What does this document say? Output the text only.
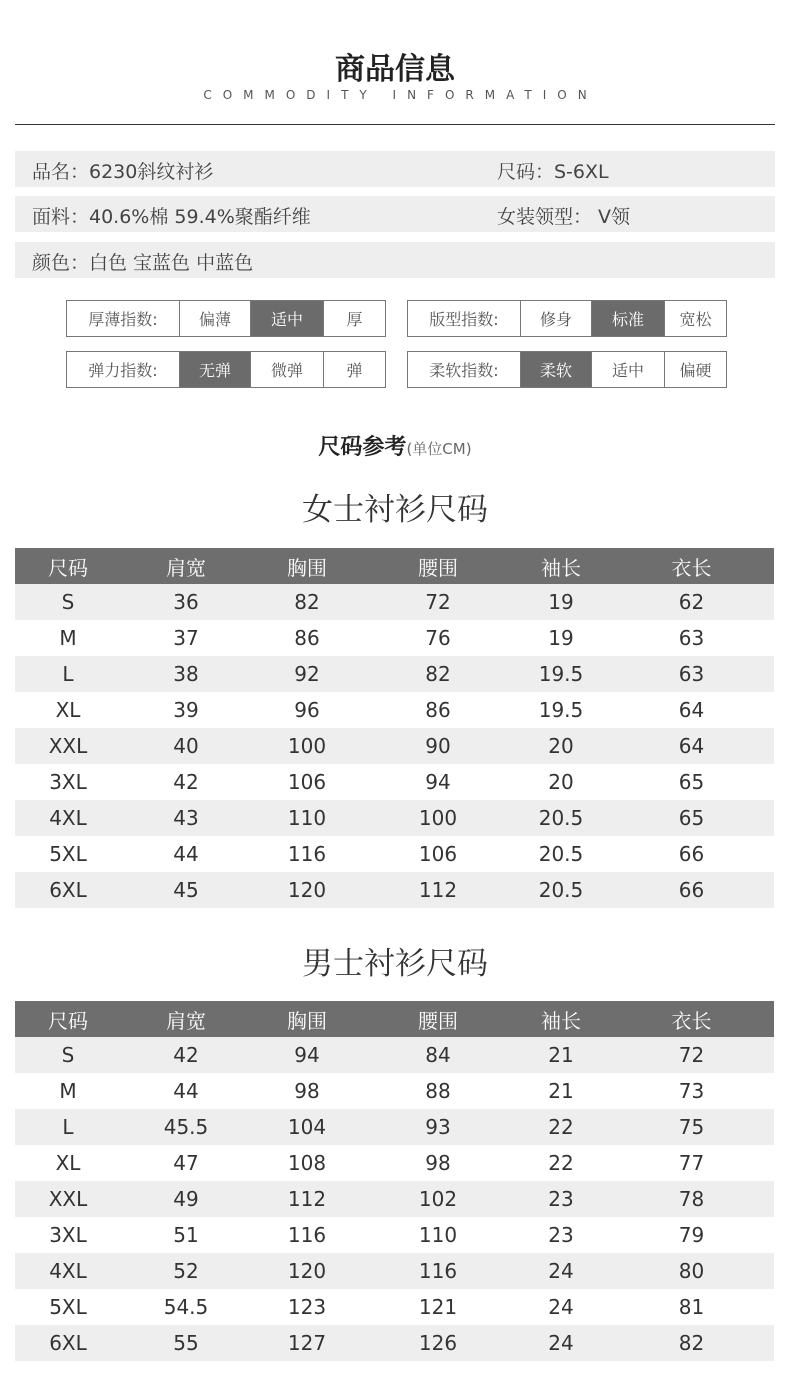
商品信息
COMMODITY INFORMATION
品名：6230斜纹衬衫	尺码：S-6XL
面料：40.6%棉 59.4%聚酯纤维	女装领型： V领
颜色：白色 宝蓝色 中蓝色
厚薄指数:	偏薄	适中	厚	版型指数:	修身	标准	宽松
弹力指数:	无弹	微弹	弹	柔软指数:	柔软	适中	偏硬
尺码参考(单位CM)
女士衬衫尺码
尺码	肩宽	胸围	腰围	袖长	衣长
S	36	82	72	19	62
M	37	86	76	19	63
L	38	92	82	19.5	63
XL	39	96	86	19.5	64
XXL	40	100	90	20	64
3XL	42	106	94	20	65
4XL	43	110	100	20.5	65
5XL	44	116	106	20.5	66
6XL	45	120	112	20.5	66
男士衬衫尺码
尺码	肩宽	胸围	腰围	袖长	衣长
S	42	94	84	21	72
M	44	98	88	21	73
L	45.5	104	93	22	75
XL	47	108	98	22	77
XXL	49	112	102	23	78
3XL	51	116	110	23	79
4XL	52	120	116	24	80
5XL	54.5	123	121	24	81
6XL	55	127	126	24	82
